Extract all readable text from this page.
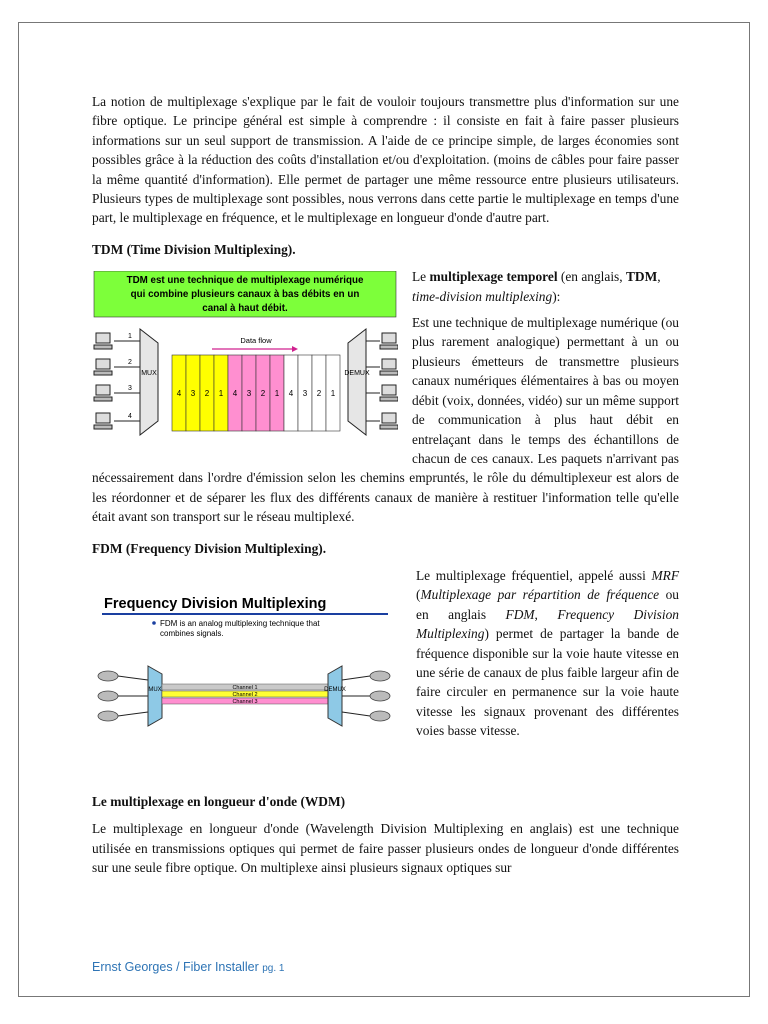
La notion de multiplexage s'explique par le fait de vouloir toujours transmettre plus d'information sur une fibre optique. Le principe général est simple à comprendre : il consiste en fait à faire passer plusieurs informations sur un seul support de transmission. A l'aide de ce principe simple, de larges économies sont possibles grâce à la réduction des coûts d'installation et/ou d'exploitation. (moins de câbles pour faire passer la même quantité d'information). Elle permet de partager une même ressource entre plusieurs utilisateurs. Plusieurs types de multiplexage sont possibles, nous verrons dans cette partie le multiplexage en temps d'une part, le multiplexage en fréquence, et le multiplexage en longueur d'onde d'autre part.

TDM (Time Division Multiplexing).

TDM est une technique de multiplexage numérique
qui combine plusieurs canaux à bas débits en un
canal à haut débit.
1
2
3
4
MUX
Data flow
4 3 2 1 4 3 2 1 4 3 2 1
DEMUX

Le multiplexage temporel (en anglais, TDM, time-division multiplexing):

Est une technique de multiplexage numérique (ou plus rarement analogique) permettant à un ou plusieurs émetteurs de transmettre plusieurs canaux numériques élémentaires à bas ou moyen débit (voix, données, vidéo) sur un même support de communication à plus haut débit en entrelaçant dans le temps des échantillons de chacun de ces canaux. Les paquets n'arrivant pas nécessairement dans l'ordre d'émission selon les chemins empruntés, le rôle du démultiplexeur est alors de les réordonner et de séparer les flux des différents canaux de manière à restituer l'information telle qu'elle était avant son transport sur le réseau multiplexé.

FDM (Frequency Division Multiplexing).

Frequency Division Multiplexing
FDM is an analog multiplexing technique that
combines signals.
MUX	Channel 1
Channel 2
Channel 3
DEMUX

Le multiplexage fréquentiel, appelé aussi MRF (Multiplexage par répartition de fréquence ou en anglais FDM, Frequency Division Multiplexing) permet de partager la bande de fréquence disponible sur la voie haute vitesse en une série de canaux de plus faible largeur afin de faire circuler en permanence sur la voie haute vitesse les signaux provenant des différentes voies basse vitesse.

Le multiplexage en longueur d'onde (WDM)

Le multiplexage en longueur d'onde (Wavelength Division Multiplexing en anglais) est une technique utilisée en transmissions optiques qui permet de faire passer plusieurs ondes de longueur d'onde différentes sur une seule fibre optique. On multiplexe ainsi plusieurs signaux optiques sur

Ernst Georges / Fiber Installer pg. 1
